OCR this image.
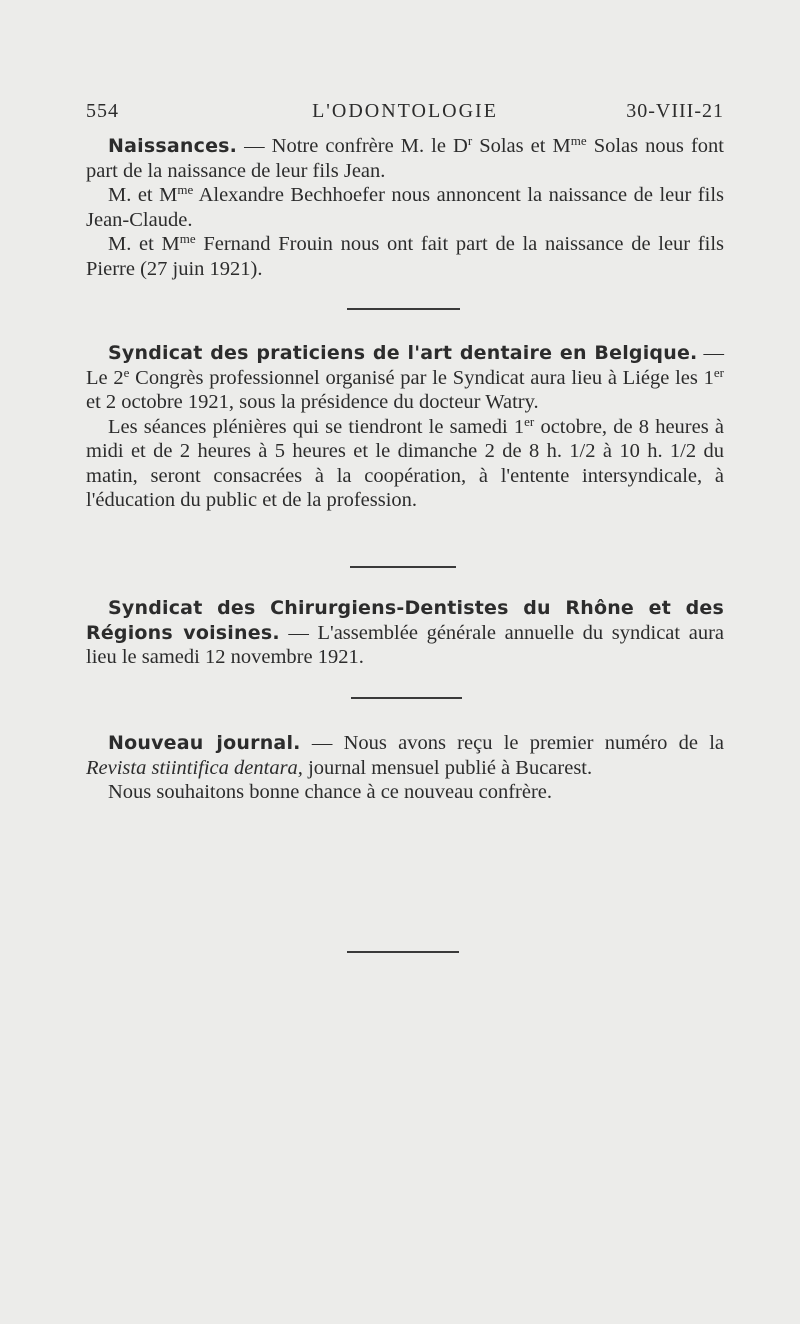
554	L'ODONTOLOGIE	30-VIII-21

Naissances. — Notre confrère M. le $D^r$ Solas et $M^{me}$ Solas nous font part de la naissance de leur fils Jean.

M. et $M^{me}$ Alexandre Bechhoefer nous annoncent la naissance de leur fils Jean-Claude.

M. et $M^{me}$ Fernand Frouin nous ont fait part de la naissance de leur fils Pierre (27 juin 1921).

Syndicat des praticiens de l'art dentaire en Belgique. — Le 2e Congrès professionnel organisé par le Syndicat aura lieu à Liége les 1er et 2 octobre 1921, sous la présidence du docteur Watry.

Les séances plénières qui se tiendront le samedi 1er octobre, de 8 heures à midi et de 2 heures à 5 heures et le dimanche 2 de 8 h. 1/2 à 10 h. 1/2 du matin, seront consacrées à la coopération, à l'entente intersyndicale, à l'éducation du public et de la profession.

Syndicat des Chirurgiens-Dentistes du Rhône et des Régions voisines. — L'assemblée générale annuelle du syndicat aura lieu le samedi 12 novembre 1921.

Nouveau journal. — Nous avons reçu le premier numéro de la Revista stiintifica dentara, journal mensuel publié à Bucarest.

Nous souhaitons bonne chance à ce nouveau confrère.
